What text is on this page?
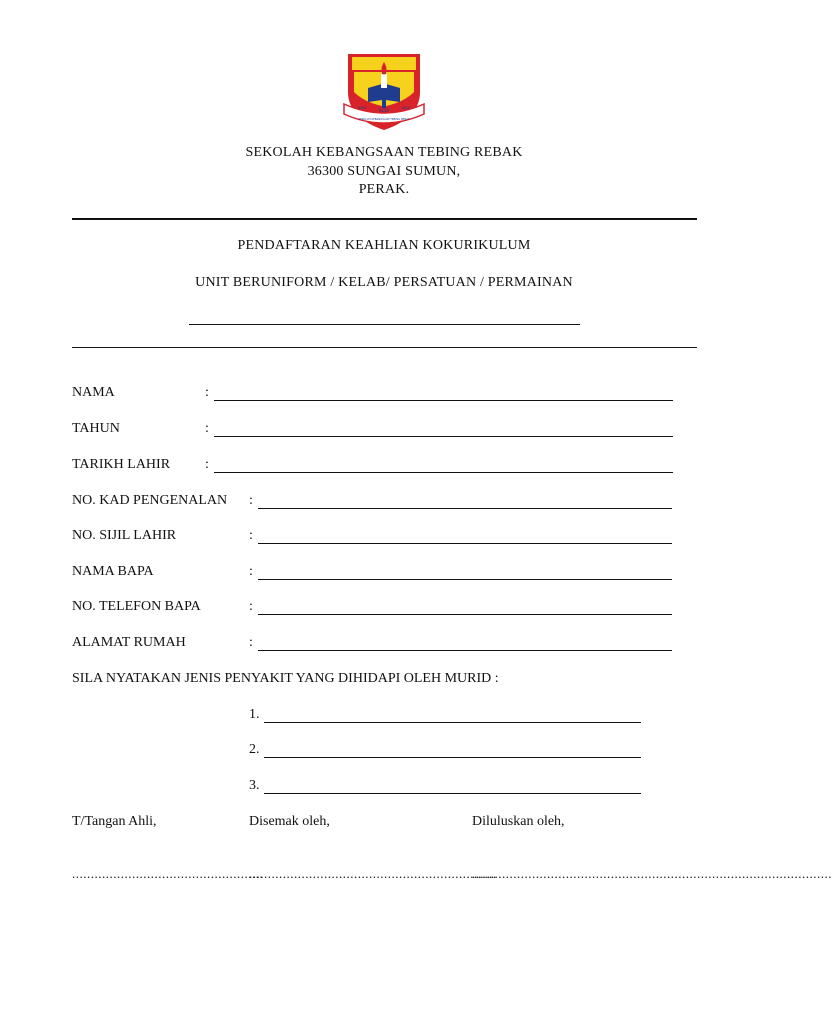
BUDI
ILMU	JASA
SEKOLAH KEBANGSAAN TEBING REBAK
SEKOLAH KEBANGSAAN TEBING REBAK
36300 SUNGAI SUMUN,
PERAK.
PENDAFTARAN KEAHLIAN KOKURIKULUM
UNIT BERUNIFORM / KELAB/ PERSATUAN / PERMAINAN
NAMA	:
TAHUN	:
TARIKH LAHIR :
NO. KAD PENGENALAN :
NO. SIJIL LAHIR	:
NAMA BAPA	:
NO. TELEFON BAPA	:
ALAMAT RUMAH	:
SILA NYATAKAN JENIS PENYAKIT YANG DIHIDAPI OLEH MURID :
1.
2.
3.
T/Tangan Ahli,	Disemak oleh,	Diluluskan oleh,
...................................................
..................................................................
................................................................................................
